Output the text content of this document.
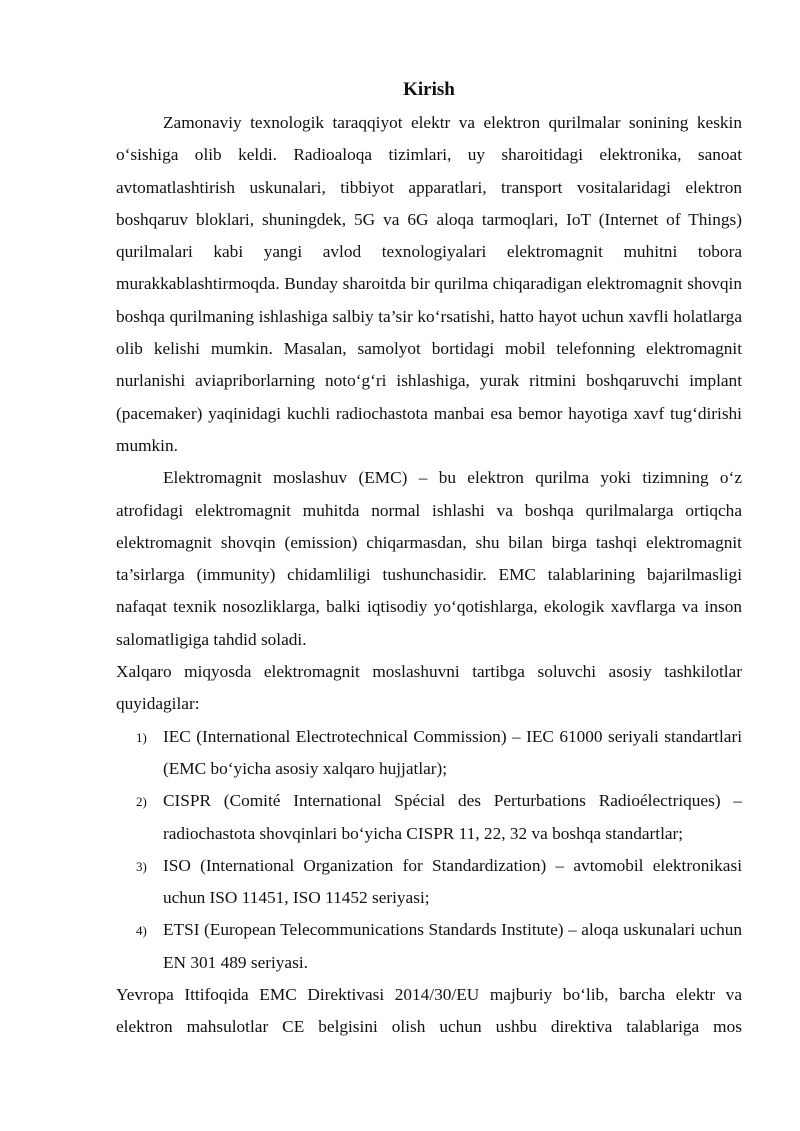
Kirish

Zamonaviy texnologik taraqqiyot elektr va elektron qurilmalar sonining keskin o‘sishiga olib keldi. Radioaloqa tizimlari, uy sharoitidagi elektronika, sanoat avtomatlashtirish uskunalari, tibbiyot apparatlari, transport vositalaridagi elektron boshqaruv bloklari, shuningdek, 5G va 6G aloqa tarmoqlari, IoT (Internet of Things) qurilmalari kabi yangi avlod texnologiyalari elektromagnit muhitni tobora murakkablashtirmoqda. Bunday sharoitda bir qurilma chiqaradigan elektromagnit shovqin boshqa qurilmaning ishlashiga salbiy ta’sir ko‘rsatishi, hatto hayot uchun xavfli holatlarga olib kelishi mumkin. Masalan, samolyot bortidagi mobil telefonning elektromagnit nurlanishi aviapriborlarning noto‘g‘ri ishlashiga, yurak ritmini boshqaruvchi implant (pacemaker) yaqinidagi kuchli radiochastota manbai esa bemor hayotiga xavf tug‘dirishi mumkin.

Elektromagnit moslashuv (EMC) – bu elektron qurilma yoki tizimning o‘z atrofidagi elektromagnit muhitda normal ishlashi va boshqa qurilmalarga ortiqcha elektromagnit shovqin (emission) chiqarmasdan, shu bilan birga tashqi elektromagnit ta’sirlarga (immunity) chidamliligi tushunchasidir. EMC talablarining bajarilmasligi nafaqat texnik nosozliklarga, balki iqtisodiy yo‘qotishlarga, ekologik xavflarga va inson salomatligiga tahdid soladi.

Xalqaro miqyosda elektromagnit moslashuvni tartibga soluvchi asosiy tashkilotlar quyidagilar:

1) IEC (International Electrotechnical Commission) – IEC 61000 seriyali standartlari (EMC bo‘yicha asosiy xalqaro hujjatlar);
2) CISPR (Comité International Spécial des Perturbations Radioélectriques) – radiochastota shovqinlari bo‘yicha CISPR 11, 22, 32 va boshqa standartlar;
3) ISO (International Organization for Standardization) – avtomobil elektronikasi uchun ISO 11451, ISO 11452 seriyasi;
4) ETSI (European Telecommunications Standards Institute) – aloqa uskunalari uchun EN 301 489 seriyasi.

Yevropa Ittifoqida EMC Direktivasi 2014/30/EU majburiy bo‘lib, barcha elektr va elektron mahsulotlar CE belgisini olish uchun ushbu direktiva talablariga mos
